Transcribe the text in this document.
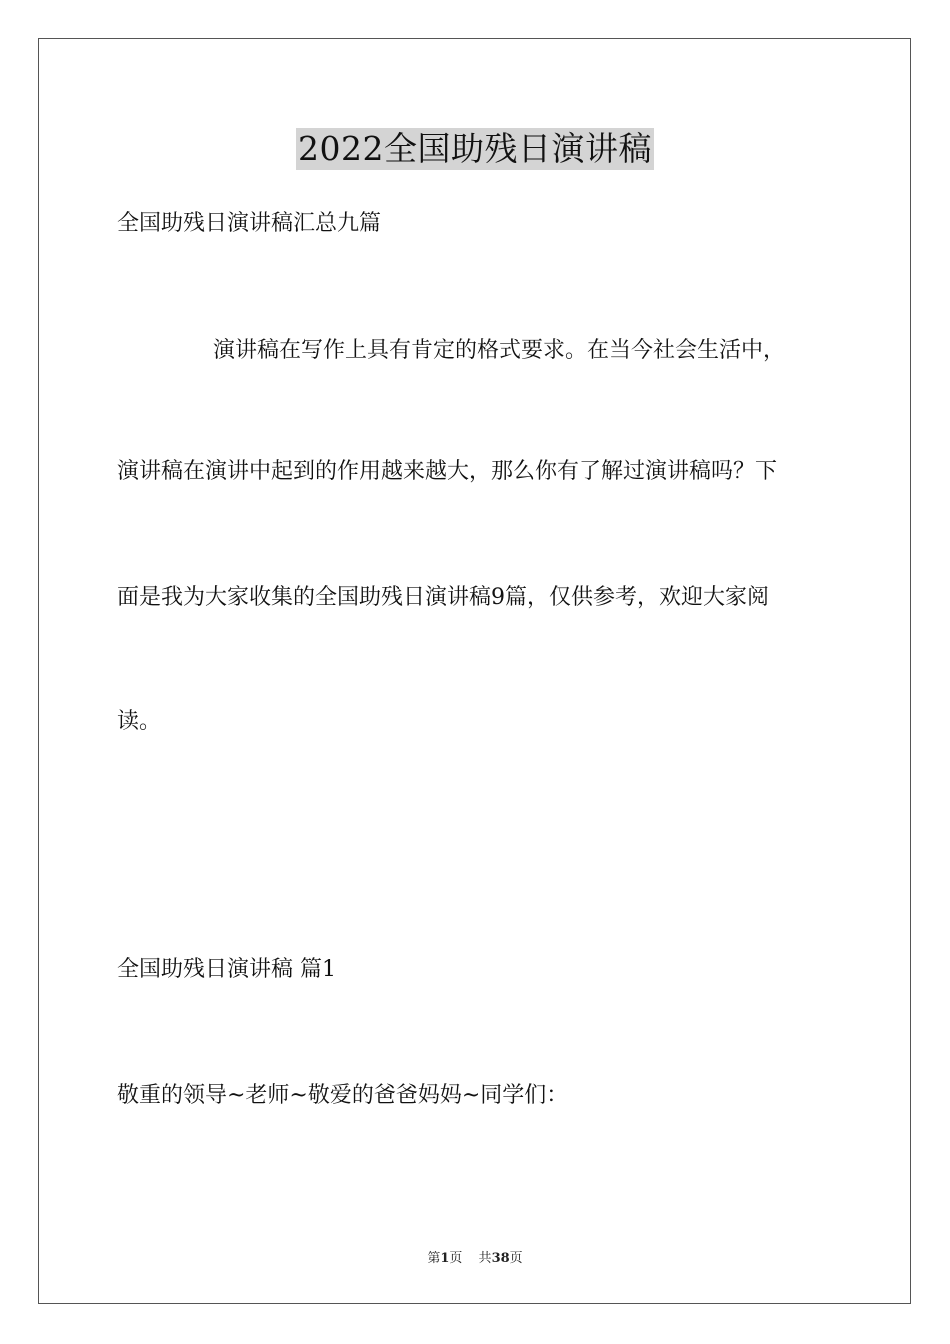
2022全国助残日演讲稿
全国助残日演讲稿汇总九篇
演讲稿在写作上具有肯定的格式要求。在当今社会生活中，
演讲稿在演讲中起到的作用越来越大，那么你有了解过演讲稿吗？下
面是我为大家收集的全国助残日演讲稿9篇，仅供参考，欢迎大家阅
读。
全国助残日演讲稿 篇1
敬重的领导~老师~敬爱的爸爸妈妈~同学们：
第1页 共38页
